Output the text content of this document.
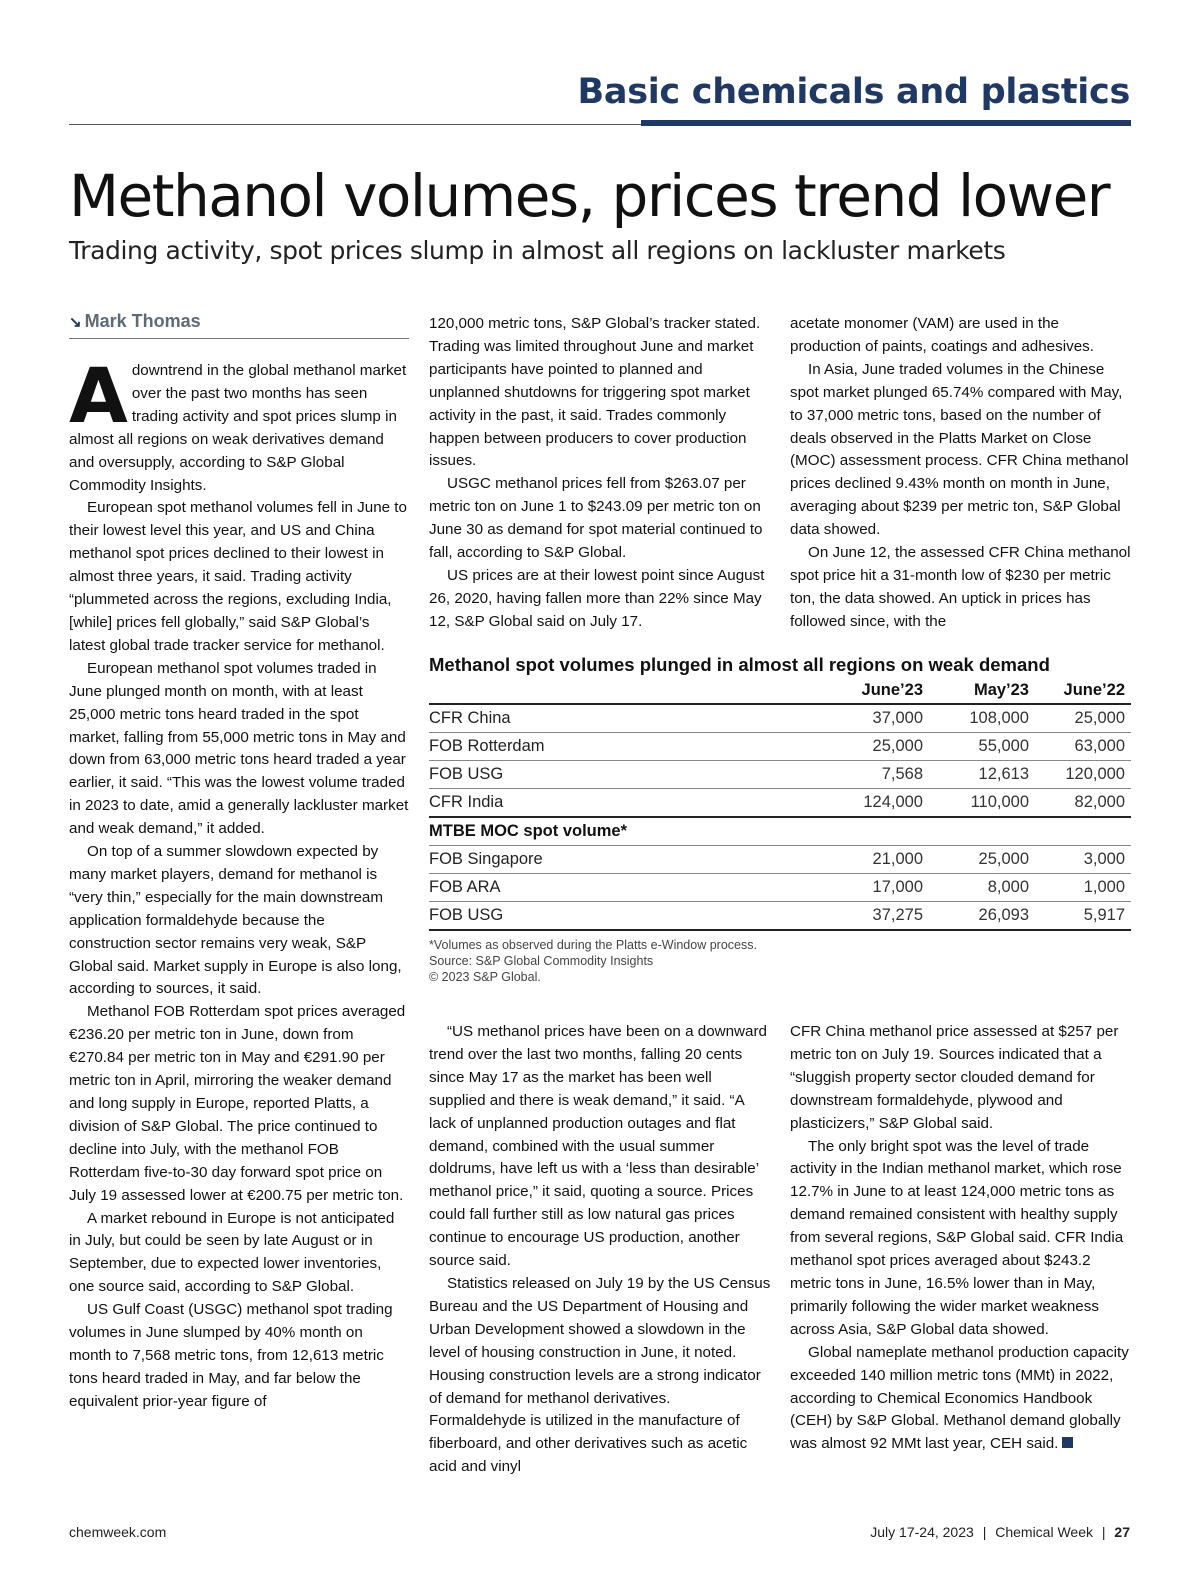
Basic chemicals and plastics
Methanol volumes, prices trend lower
Trading activity, spot prices slump in almost all regions on lackluster markets
↘ Mark Thomas

Adowntrend in the global methanol market over the past two months has seen trading activity and spot prices slump in almost all regions on weak derivatives demand and oversupply, according to S&P Global Commodity Insights.

European spot methanol volumes fell in June to their lowest level this year, and US and China methanol spot prices declined to their lowest in almost three years, it said. Trading activity “plummeted across the regions, excluding India, [while] prices fell globally,” said S&P Global’s latest global trade tracker service for methanol.

European methanol spot volumes traded in June plunged month on month, with at least 25,000 metric tons heard traded in the spot market, falling from 55,000 metric tons in May and down from 63,000 metric tons heard traded a year earlier, it said. “This was the lowest volume traded in 2023 to date, amid a generally lackluster market and weak demand,” it added.

On top of a summer slowdown expected by many market players, demand for methanol is “very thin,” especially for the main downstream application formaldehyde because the construction sector remains very weak, S&P Global said. Market supply in Europe is also long, according to sources, it said.

Methanol FOB Rotterdam spot prices averaged €236.20 per metric ton in June, down from €270.84 per metric ton in May and €291.90 per metric ton in April, mirroring the weaker demand and long supply in Europe, reported Platts, a division of S&P Global. The price continued to decline into July, with the methanol FOB Rotterdam five-to-30 day forward spot price on July 19 assessed lower at €200.75 per metric ton.

A market rebound in Europe is not anticipated in July, but could be seen by late August or in September, due to expected lower inventories, one source said, according to S&P Global.

US Gulf Coast (USGC) methanol spot trading volumes in June slumped by 40% month on month to 7,568 metric tons, from 12,613 metric tons heard traded in May, and far below the equivalent prior-year figure of

120,000 metric tons, S&P Global’s tracker stated. Trading was limited throughout June and market participants have pointed to planned and unplanned shutdowns for triggering spot market activity in the past, it said. Trades commonly happen between producers to cover production issues.

USGC methanol prices fell from $263.07 per metric ton on June 1 to $243.09 per metric ton on June 30 as demand for spot material continued to fall, according to S&P Global.

US prices are at their lowest point since August 26, 2020, having fallen more than 22% since May 12, S&P Global said on July 17.

acetate monomer (VAM) are used in the production of paints, coatings and adhesives.

In Asia, June traded volumes in the Chinese spot market plunged 65.74% compared with May, to 37,000 metric tons, based on the number of deals observed in the Platts Market on Close (MOC) assessment process. CFR China methanol prices declined 9.43% month on month in June, averaging about $239 per metric ton, S&P Global data showed.

On June 12, the assessed CFR China methanol spot price hit a 31-month low of $230 per metric ton, the data showed. An uptick in prices has followed since, with the

Methanol spot volumes plunged in almost all regions on weak demand
	June’23	May’23	June’22
CFR China	37,000	108,000	25,000
FOB Rotterdam	25,000	55,000	63,000
FOB USG	7,568	12,613	120,000
CFR India	124,000	110,000	82,000
MTBE MOC spot volume*			
FOB Singapore	21,000	25,000	3,000
FOB ARA	17,000	8,000	1,000
FOB USG	37,275	26,093	5,917
*Volumes as observed during the Platts e-Window process.
Source: S&P Global Commodity Insights
© 2023 S&P Global.

“US methanol prices have been on a downward trend over the last two months, falling 20 cents since May 17 as the market has been well supplied and there is weak demand,” it said. “A lack of unplanned production outages and flat demand, combined with the usual summer doldrums, have left us with a ‘less than desirable’ methanol price,” it said, quoting a source. Prices could fall further still as low natural gas prices continue to encourage US production, another source said.

Statistics released on July 19 by the US Census Bureau and the US Department of Housing and Urban Development showed a slowdown in the level of housing construction in June, it noted. Housing construction levels are a strong indicator of demand for methanol derivatives. Formaldehyde is utilized in the manufacture of fiberboard, and other derivatives such as acetic acid and vinyl

CFR China methanol price assessed at $257 per metric ton on July 19. Sources indicated that a “sluggish property sector clouded demand for downstream formaldehyde, plywood and plasticizers,” S&P Global said.

The only bright spot was the level of trade activity in the Indian methanol market, which rose 12.7% in June to at least 124,000 metric tons as demand remained consistent with healthy supply from several regions, S&P Global said. CFR India methanol spot prices averaged about $243.2 metric tons in June, 16.5% lower than in May, primarily following the wider market weakness across Asia, S&P Global data showed.

Global nameplate methanol production capacity exceeded 140 million metric tons (MMt) in 2022, according to Chemical Economics Handbook (CEH) by S&P Global. Methanol demand globally was almost 92 MMt last year, CEH said.

chemweek.com	July 17-24, 2023 | Chemical Week | 27
